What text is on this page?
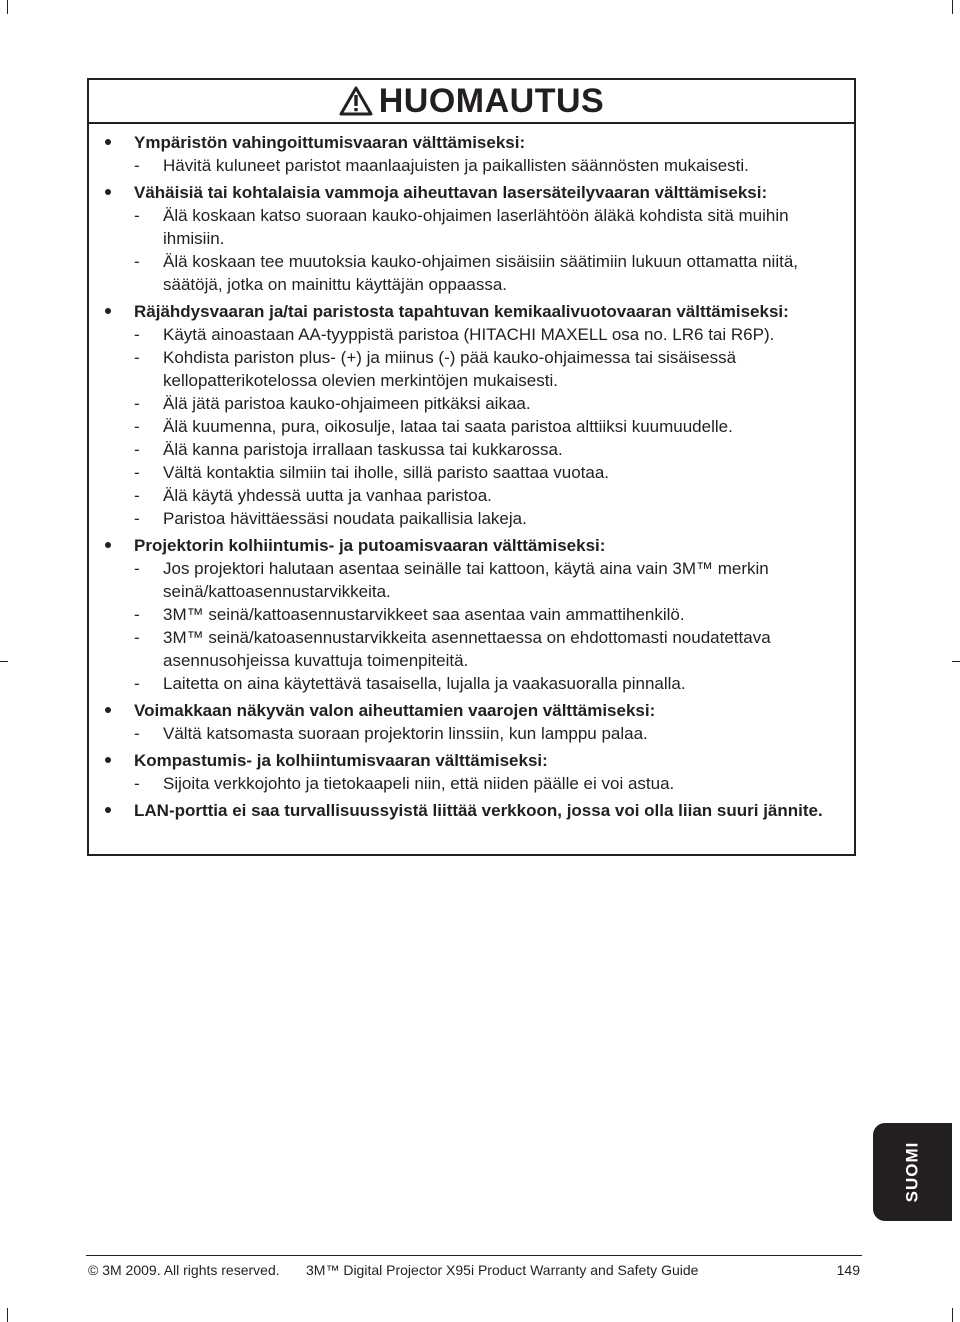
HUOMAUTUS
Ympäristön vahingoittumisvaaran välttämiseksi:
- Hävitä kuluneet paristot maanlaajuisten ja paikallisten säännösten mukaisesti.
Vähäisiä tai kohtalaisia vammoja aiheuttavan lasersäteilyvaaran välttämiseksi:
- Älä koskaan katso suoraan kauko-ohjaimen laserlähtöön äläkä kohdista sitä muihin ihmisiin.
- Älä koskaan tee muutoksia kauko-ohjaimen sisäisiin säätimiin lukuun ottamatta niitä, säätöjä, jotka on mainittu käyttäjän oppaassa.
Räjähdysvaaran ja/tai paristosta tapahtuvan kemikaalivuotovaaran välttämiseksi:
- Käytä ainoastaan AA-tyyppistä paristoa (HITACHI MAXELL osa no. LR6 tai R6P).
- Kohdista pariston plus- (+) ja miinus (-) pää kauko-ohjaimessa tai sisäisessä kellopatterikotelossa olevien merkintöjen mukaisesti.
- Älä jätä paristoa kauko-ohjaimeen pitkäksi aikaa.
- Älä kuumenna, pura, oikosulje, lataa tai saata paristoa alttiiksi kuumuudelle.
- Älä kanna paristoja irrallaan taskussa tai kukkarossa.
- Vältä kontaktia silmiin tai iholle, sillä paristo saattaa vuotaa.
- Älä käytä yhdessä uutta ja vanhaa paristoa.
- Paristoa hävittäessäsi noudata paikallisia lakeja.
Projektorin kolhiintumis- ja putoamisvaaran välttämiseksi:
- Jos projektori halutaan asentaa seinälle tai kattoon, käytä aina vain 3M™ merkin seinä/kattoasennustarvikkeita.
- 3M™ seinä/kattoasennustarvikkeet saa asentaa vain ammattihenkilö.
- 3M™ seinä/katoasennustarvikkeita asennettaessa on ehdottomasti noudatettava asennusohjeissa kuvattuja toimenpiteitä.
- Laitetta on aina käytettävä tasaisella, lujalla ja vaakasuoralla pinnalla.
Voimakkaan näkyvän valon aiheuttamien vaarojen välttämiseksi:
- Vältä katsomasta suoraan projektorin linssiin, kun lamppu palaa.
Kompastumis- ja kolhiintumisvaaran välttämiseksi:
- Sijoita verkkojohto ja tietokaapeli niin, että niiden päälle ei voi astua.
LAN-porttia ei saa turvallisuussyistä liittää verkkoon, jossa voi olla liian suuri jännite.
SUOMI
© 3M 2009. All rights reserved.	3M™ Digital Projector X95i Product Warranty and Safety Guide	149
